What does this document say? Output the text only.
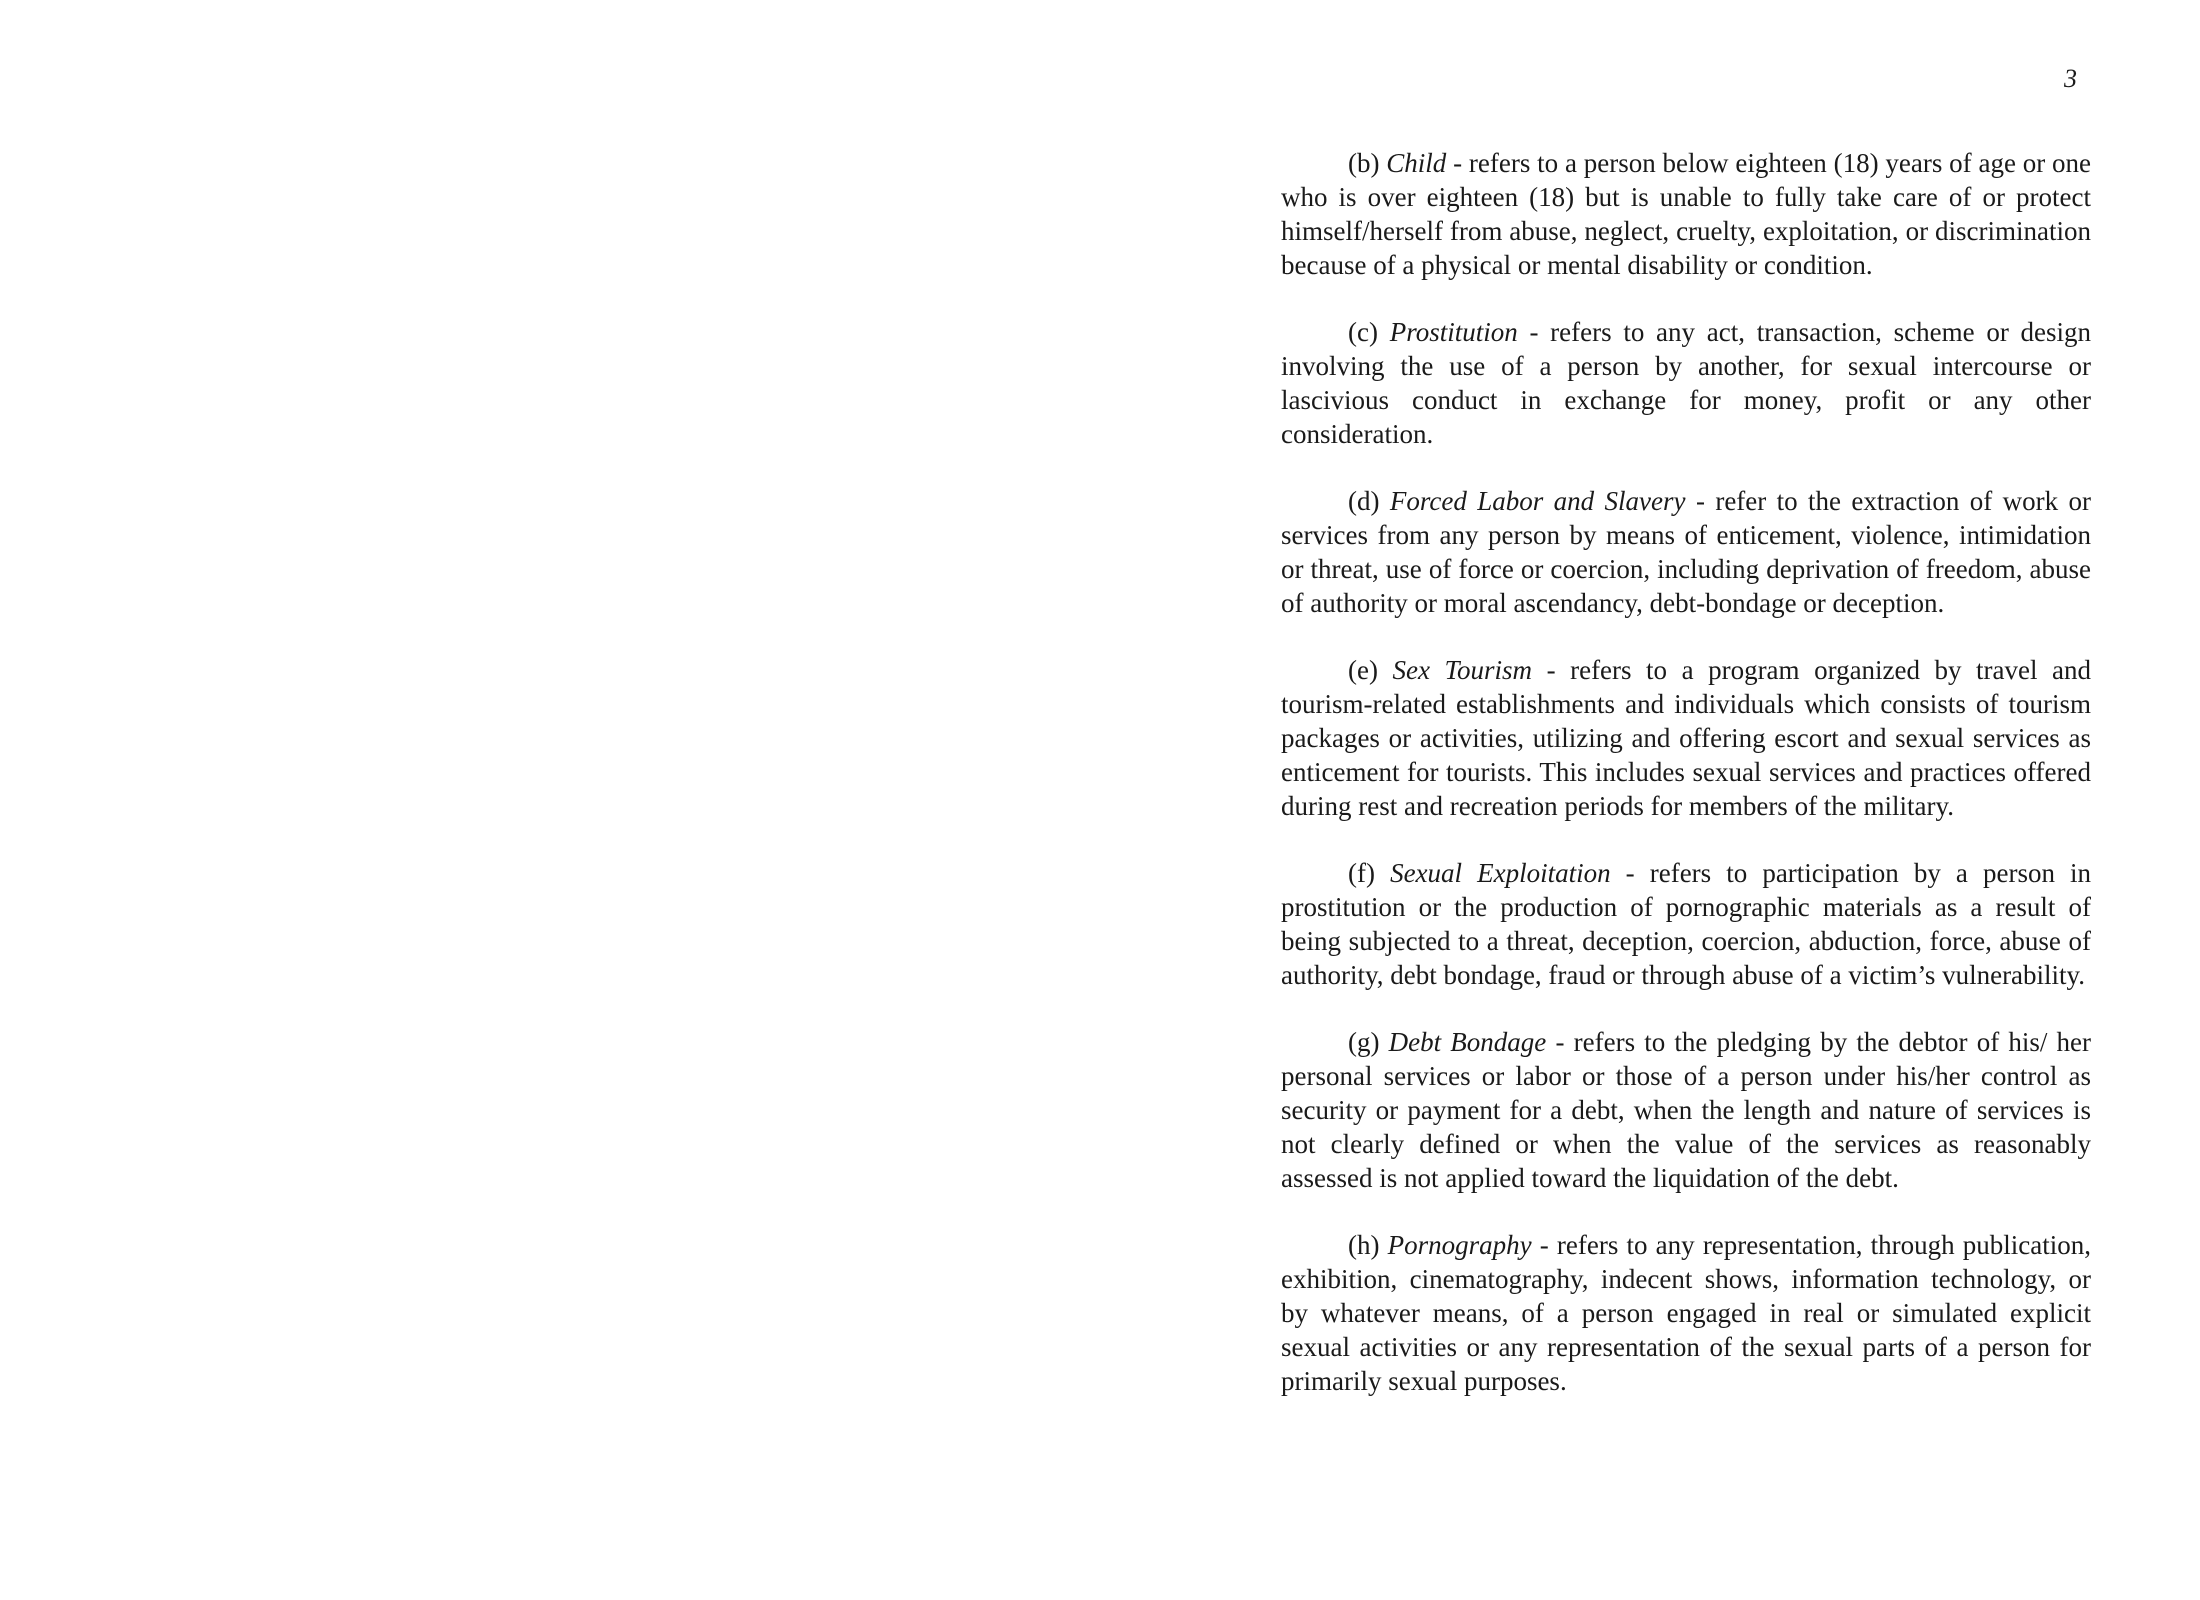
3

(b) Child - refers to a person below eighteen (18) years of age or one who is over eighteen (18) but is unable to fully take care of or protect himself/herself from abuse, neglect, cruelty, exploitation, or discrimination because of a physical or mental disability or condition.

(c) Prostitution - refers to any act, transaction, scheme or design involving the use of a person by another, for sexual intercourse or lascivious conduct in exchange for money, profit or any other consideration.

(d) Forced Labor and Slavery - refer to the extraction of work or services from any person by means of enticement, violence, intimidation or threat, use of force or coercion, including deprivation of freedom, abuse of authority or moral ascendancy, debt-bondage or deception.

(e) Sex Tourism - refers to a program organized by travel and tourism-related establishments and individuals which consists of tourism packages or activities, utilizing and offering escort and sexual services as enticement for tourists. This includes sexual services and practices offered during rest and recreation periods for members of the military.

(f) Sexual Exploitation - refers to participation by a person in prostitution or the production of pornographic materials as a result of being subjected to a threat, deception, coercion, abduction, force, abuse of authority, debt bondage, fraud or through abuse of a victim’s vulnerability.

(g) Debt Bondage - refers to the pledging by the debtor of his/ her personal services or labor or those of a person under his/her control as security or payment for a debt, when the length and nature of services is not clearly defined or when the value of the services as reasonably assessed is not applied toward the liquidation of the debt.

(h) Pornography - refers to any representation, through publication, exhibition, cinematography, indecent shows, information technology, or by whatever means, of a person engaged in real or simulated explicit sexual activities or any representation of the sexual parts of a person for primarily sexual purposes.
